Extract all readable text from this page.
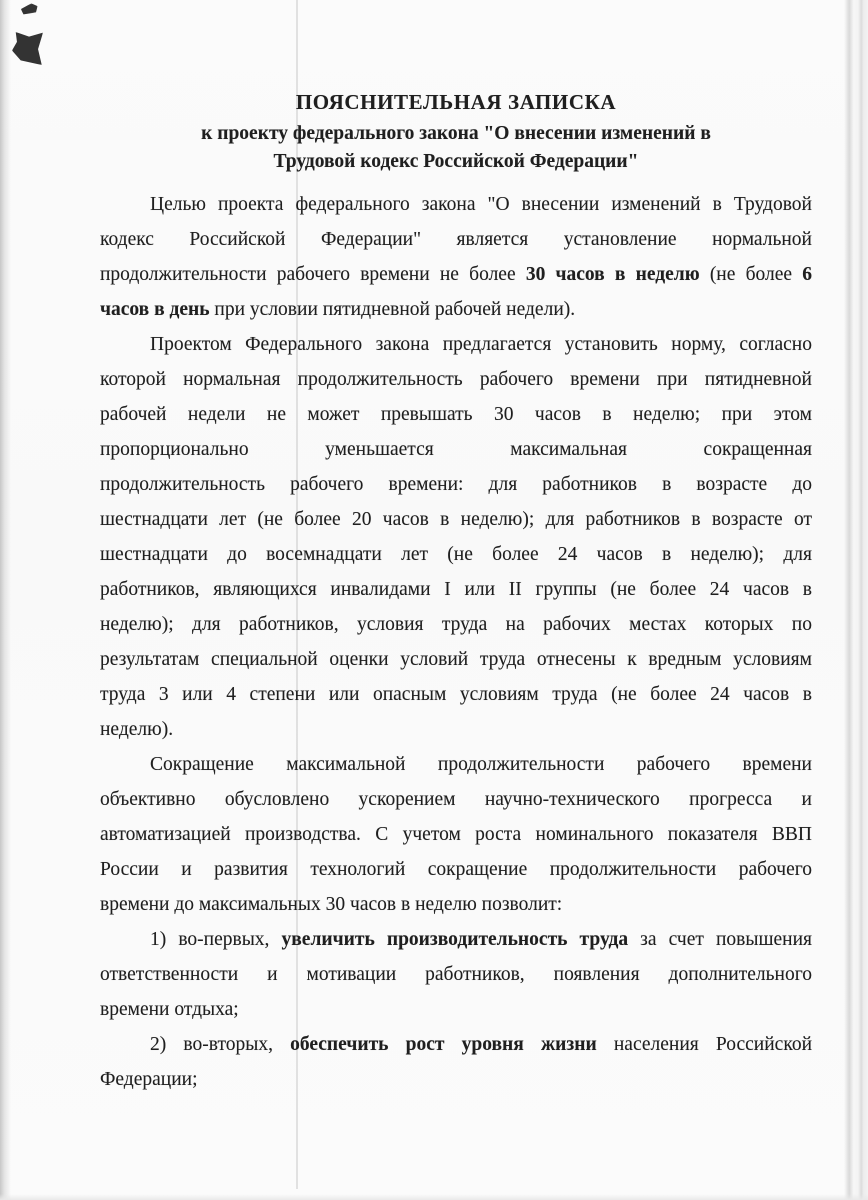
ПОЯСНИТЕЛЬНАЯ ЗАПИСКА
к проекту федерального закона "О внесении изменений в
Трудовой кодекс Российской Федерации"
Целью проекта федерального закона "О внесении изменений в Трудовой
кодекс Российской Федерации" является установление нормальной
продолжительности рабочего времени не более 30 часов в неделю (не более 6
часов в день при условии пятидневной рабочей недели).
Проектом Федерального закона предлагается установить норму, согласно
которой нормальная продолжительность рабочего времени при пятидневной
рабочей недели не может превышать 30 часов в неделю; при этом
пропорционально уменьшается максимальная сокращенная
продолжительность рабочего времени: для работников в возрасте до
шестнадцати лет (не более 20 часов в неделю); для работников в возрасте от
шестнадцати до восемнадцати лет (не более 24 часов в неделю); для
работников, являющихся инвалидами I или II группы (не более 24 часов в
неделю); для работников, условия труда на рабочих местах которых по
результатам специальной оценки условий труда отнесены к вредным условиям
труда 3 или 4 степени или опасным условиям труда (не более 24 часов в
неделю).
Сокращение максимальной продолжительности рабочего времени
объективно обусловлено ускорением научно-технического прогресса и
автоматизацией производства. С учетом роста номинального показателя ВВП
России и развития технологий сокращение продолжительности рабочего
времени до максимальных 30 часов в неделю позволит:
1) во-первых, увеличить производительность труда за счет повышения
ответственности и мотивации работников, появления дополнительного
времени отдыха;
2) во-вторых, обеспечить рост уровня жизни населения Российской
Федерации;
